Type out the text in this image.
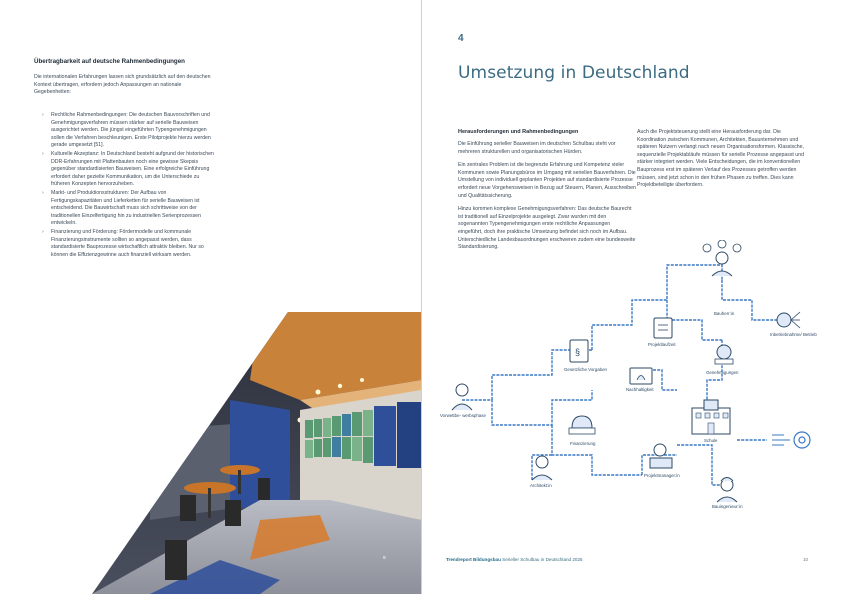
Übertragbarkeit auf deutsche Rahmenbedingungen
Die internationalen Erfahrungen lassen sich grundsätzlich auf den deutschen Kontext übertragen, erfordern jedoch Anpassungen an nationale Gegebenheiten:
› Rechtliche Rahmenbedingungen: Die deutschen Bauvorschriften und Genehmigungsverfahren müssen stärker auf serielle Bauweisen ausgerichtet werden. Die jüngst eingeführten Typengenehmigungen sollen die Verfahren beschleunigen. Erste Pilotprojekte hierzu werden gerade umgesetzt [51].
› Kulturelle Akzeptanz: In Deutschland besteht aufgrund der historischen DDR-Erfahrungen mit Plattenbauten noch eine gewisse Skepsis gegenüber standardisierten Bauweisen. Eine erfolgreiche Einführung erfordert daher gezielte Kommunikation, um die Unterschiede zu früheren Konzepten hervorzuheben.
› Markt- und Produktionsstrukturen: Der Aufbau von Fertigungskapazitäten und Lieferketten für serielle Bauweisen ist entscheidend. Die Bauwirtschaft muss sich schrittweise von der traditionellen Einzelfertigung hin zu industriellen Serienprozessen entwickeln.
› Finanzierung und Förderung: Fördermodelle und kommunale Finanzierungsinstrumente sollten so angepasst werden, dass standardisierte Bauprozesse wirtschaftlich attraktiv bleiben. Nur so können die Effizienzgewinne auch finanziell wirksam werden.
9
4
Umsetzung in Deutschland
Herausforderungen und Rahmenbedingungen
Die Einführung serieller Bauweisen im deutschen Schulbau steht vor mehreren strukturellen und organisatorischen Hürden.
Ein zentrales Problem ist die begrenzte Erfahrung und Kompetenz vieler Kommunen sowie Planungsbüros im Umgang mit seriellen Bauverfahren. Die Umstellung von individuell geplanten Projekten auf standardisierte Prozesse erfordert neue Vorgehensweisen in Bezug auf Steuern, Planen, Ausschreiben und Qualitätssicherung.
Hinzu kommen komplexe Genehmigungsverfahren: Das deutsche Baurecht ist traditionell auf Einzelprojekte ausgelegt. Zwar wurden mit den sogenannten Typengenehmigungen erste rechtliche Anpassungen eingeführt, doch ihre praktische Umsetzung befindet sich noch im Aufbau. Unterschiedliche Landesbauordnungen erschweren zudem eine bundesweite Standardisierung.
Auch die Projektsteuerung stellt eine Herausforderung dar. Die Koordination zwischen Kommunen, Architekten, Bauunternehmen und späteren Nutzern verlangt nach neuen Organisationsformen. Klassische, sequenzielle Projektabläufe müssen für serielle Prozesse angepasst und stärker integriert werden. Viele Entscheidungen, die im konventionellen Bauprozess erst im späteren Verlauf des Prozesses getroffen werden müssen, sind jetzt schon in den frühen Phasen zu treffen. Dies kann Projektbeteiligte überfordern.
Bauherr:in
Projektlaufzeit
Inbetriebnahme/ Betrieb
§
Gesetzliche Vorgaben
Genehmigungen
Nachhaltigkeit
Vorwettbe- werbsphase
Schule
Finanzierung
Projektmanager:in
Architekt:in
Bauingenieur:in
Trendreport Bildungsbau Serieller Schulbau in Deutschland 2025	10
